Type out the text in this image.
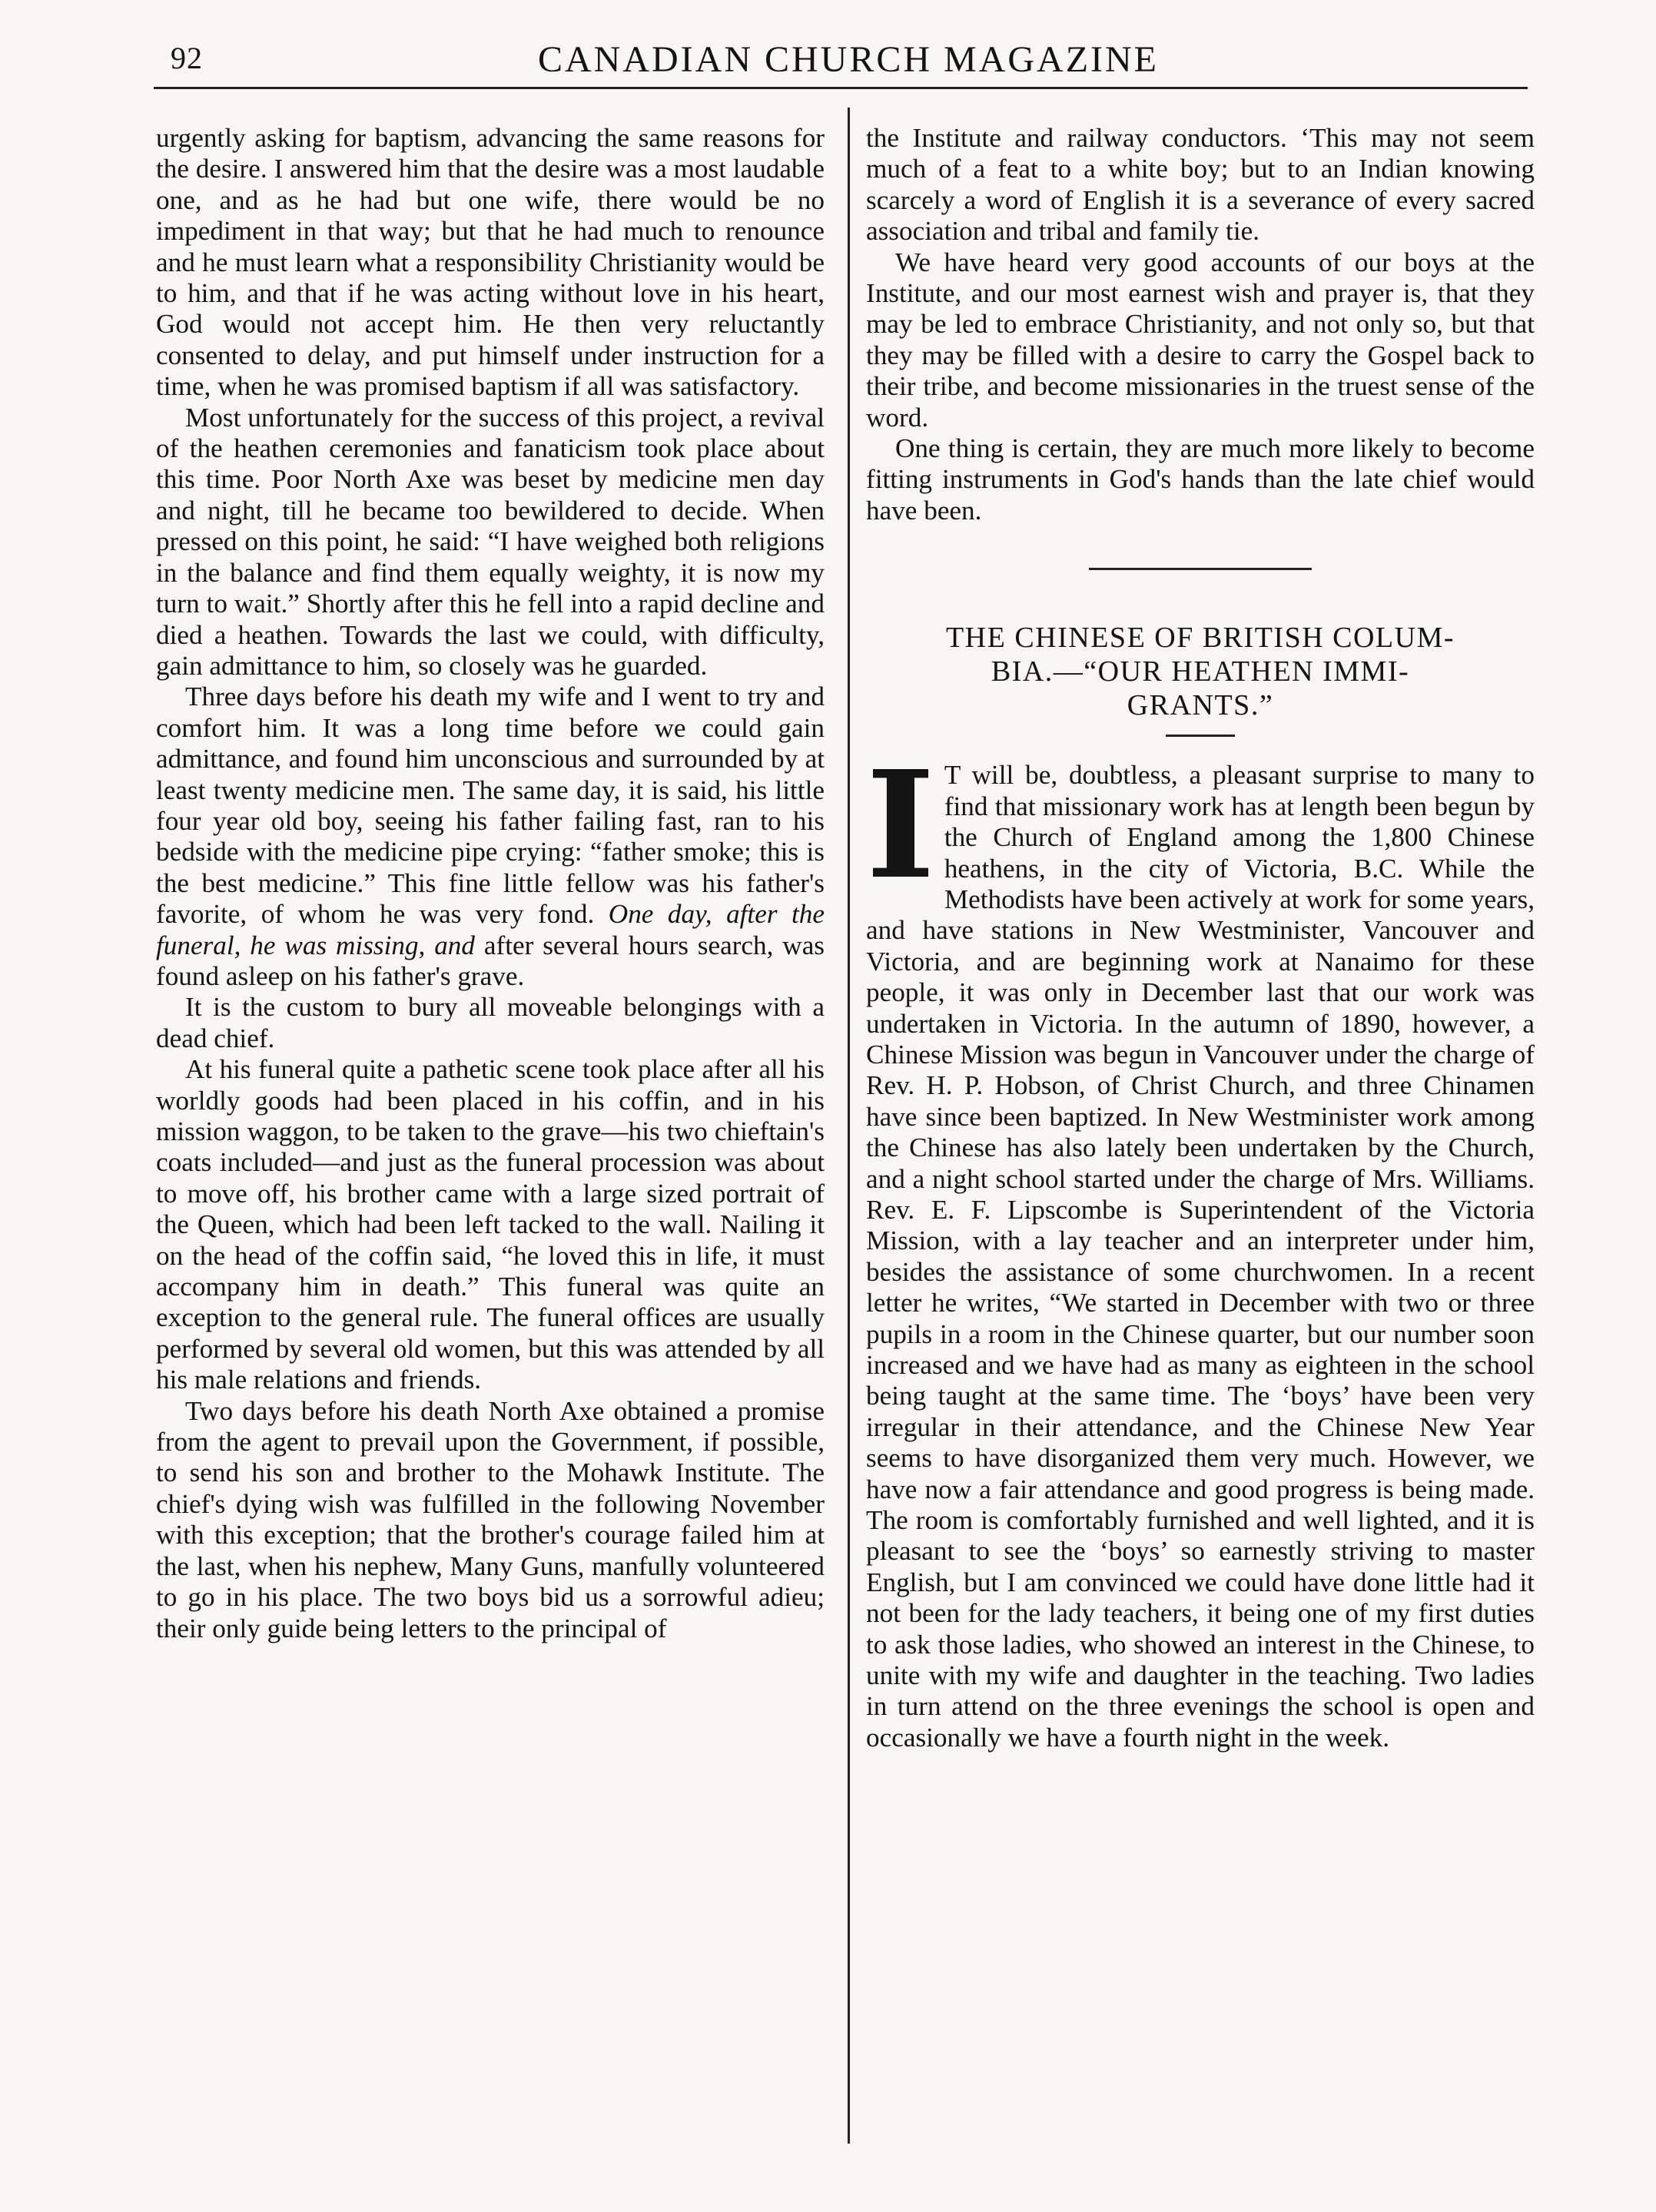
92	CANADIAN CHURCH MAGAZINE

urgently asking for baptism, advancing the same reasons for the desire. I answered him that the desire was a most laudable one, and as he had but one wife, there would be no impediment in that way; but that he had much to renounce and he must learn what a responsibility Christianity would be to him, and that if he was acting without love in his heart, God would not accept him. He then very reluctantly consented to delay, and put himself under instruction for a time, when he was promised baptism if all was satisfactory.

Most unfortunately for the success of this project, a revival of the heathen ceremonies and fanaticism took place about this time. Poor North Axe was beset by medicine men day and night, till he became too bewildered to decide. When pressed on this point, he said: “I have weighed both religions in the balance and find them equally weighty, it is now my turn to wait.” Shortly after this he fell into a rapid decline and died a heathen. Towards the last we could, with difficulty, gain admittance to him, so closely was he guarded.

Three days before his death my wife and I went to try and comfort him. It was a long time before we could gain admittance, and found him unconscious and surrounded by at least twenty medicine men. The same day, it is said, his little four year old boy, seeing his father failing fast, ran to his bedside with the medicine pipe crying: “father smoke; this is the best medicine.” This fine little fellow was his father's favorite, of whom he was very fond. One day, after the funeral, he was missing, and after several hours search, was found asleep on his father's grave.

It is the custom to bury all moveable belongings with a dead chief.

At his funeral quite a pathetic scene took place after all his worldly goods had been placed in his coffin, and in his mission waggon, to be taken to the grave—his two chieftain's coats included—and just as the funeral procession was about to move off, his brother came with a large sized portrait of the Queen, which had been left tacked to the wall. Nailing it on the head of the coffin said, “he loved this in life, it must accompany him in death.” This funeral was quite an exception to the general rule. The funeral offices are usually performed by several old women, but this was attended by all his male relations and friends.

Two days before his death North Axe obtained a promise from the agent to prevail upon the Government, if possible, to send his son and brother to the Mohawk Institute. The chief's dying wish was fulfilled in the following November with this exception; that the brother's courage failed him at the last, when his nephew, Many Guns, manfully volunteered to go in his place. The two boys bid us a sorrowful adieu; their only guide being letters to the principal of

the Institute and railway conductors. ‘This may not seem much of a feat to a white boy; but to an Indian knowing scarcely a word of English it is a severance of every sacred association and tribal and family tie.

We have heard very good accounts of our boys at the Institute, and our most earnest wish and prayer is, that they may be led to embrace Christianity, and not only so, but that they may be filled with a desire to carry the Gospel back to their tribe, and become missionaries in the truest sense of the word.

One thing is certain, they are much more likely to become fitting instruments in God's hands than the late chief would have been.

THE CHINESE OF BRITISH COLUM-
BIA.—“OUR HEATHEN IMMI-
GRANTS.”

I T will be, doubtless, a pleasant surprise to many to find that missionary work has at length been begun by the Church of England among the 1,800 Chinese heathens, in the city of Victoria, B.C. While the Methodists have been actively at work for some years, and have stations in New Westminister, Vancouver and Victoria, and are beginning work at Nanaimo for these people, it was only in December last that our work was undertaken in Victoria. In the autumn of 1890, however, a Chinese Mission was begun in Vancouver under the charge of Rev. H. P. Hobson, of Christ Church, and three Chinamen have since been baptized. In New Westminister work among the Chinese has also lately been undertaken by the Church, and a night school started under the charge of Mrs. Williams. Rev. E. F. Lipscombe is Superintendent of the Victoria Mission, with a lay teacher and an interpreter under him, besides the assistance of some churchwomen. In a recent letter he writes, “We started in December with two or three pupils in a room in the Chinese quarter, but our number soon increased and we have had as many as eighteen in the school being taught at the same time. The ‘boys’ have been very irregular in their attendance, and the Chinese New Year seems to have disorganized them very much. However, we have now a fair attendance and good progress is being made. The room is comfortably furnished and well lighted, and it is pleasant to see the ‘boys’ so earnestly striving to master English, but I am convinced we could have done little had it not been for the lady teachers, it being one of my first duties to ask those ladies, who showed an interest in the Chinese, to unite with my wife and daughter in the teaching. Two ladies in turn attend on the three evenings the school is open and occasionally we have a fourth night in the week.
